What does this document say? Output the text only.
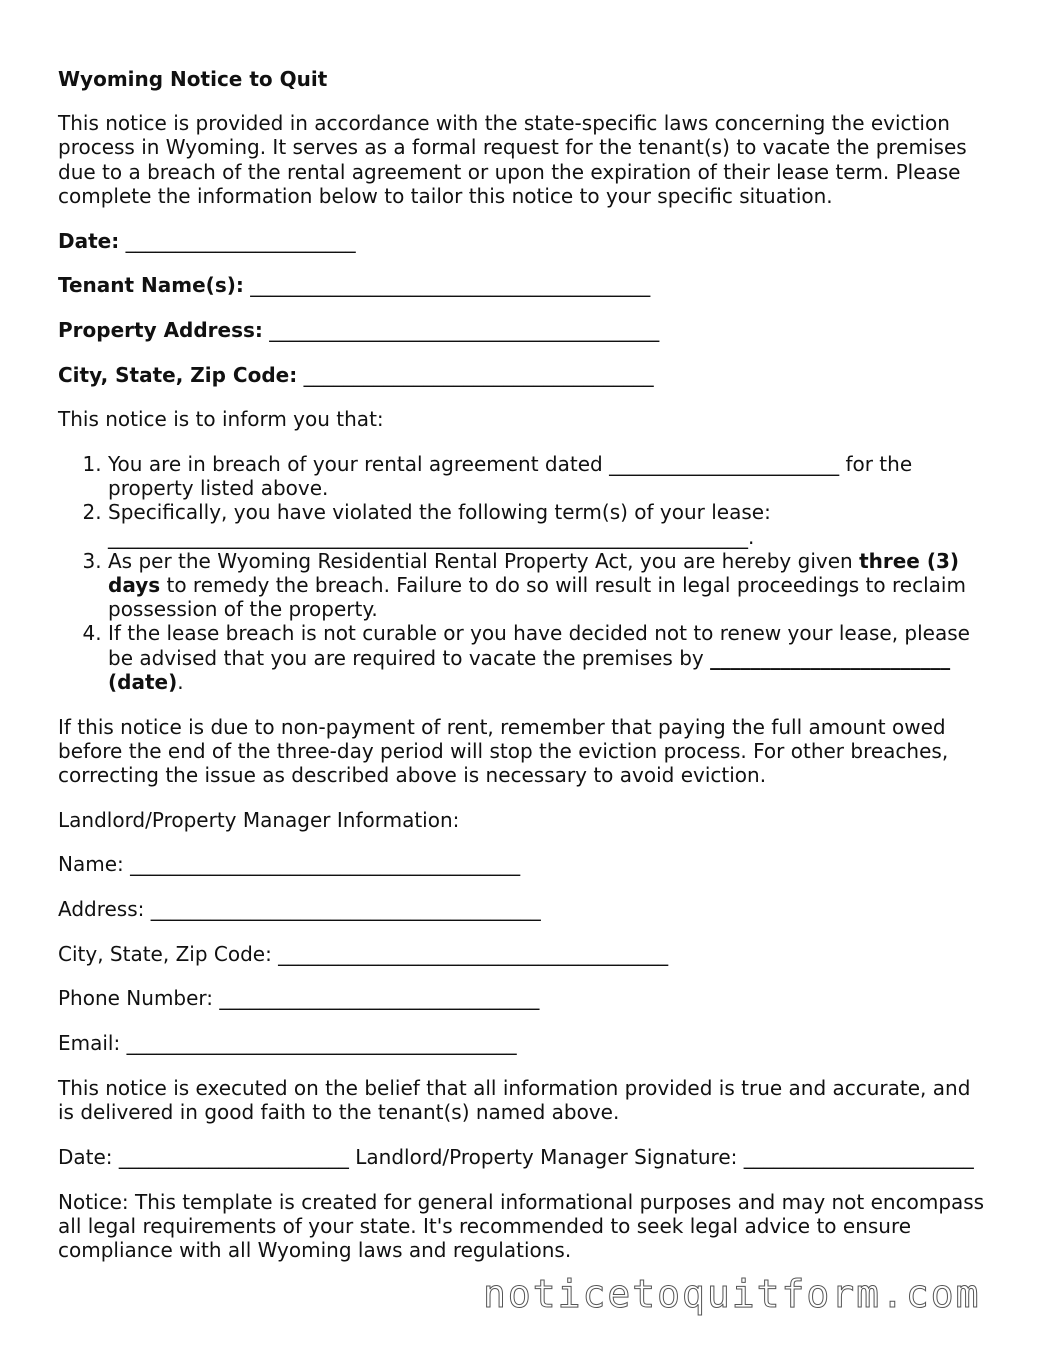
Wyoming Notice to Quit

This notice is provided in accordance with the state-specific laws concerning the eviction process in Wyoming. It serves as a formal request for the tenant(s) to vacate the premises due to a breach of the rental agreement or upon the expiration of their lease term. Please complete the information below to tailor this notice to your specific situation.

Date: _______________________
Tenant Name(s): ________________________________________
Property Address: _______________________________________
City, State, Zip Code: ___________________________________

This notice is to inform you that:

1. You are in breach of your rental agreement dated _______________________ for the property listed above.
2. Specifically, you have violated the following term(s) of your lease: ________________________________________________________________.
3. As per the Wyoming Residential Rental Property Act, you are hereby given three (3) days to remedy the breach. Failure to do so will result in legal proceedings to reclaim possession of the property.
4. If the lease breach is not curable or you have decided not to renew your lease, please be advised that you are required to vacate the premises by ________________________ (date).

If this notice is due to non-payment of rent, remember that paying the full amount owed before the end of the three-day period will stop the eviction process. For other breaches, correcting the issue as described above is necessary to avoid eviction.

Landlord/Property Manager Information:

Name: _______________________________________

Address: _______________________________________

City, State, Zip Code: _______________________________________

Phone Number: ________________________________

Email: _______________________________________

This notice is executed on the belief that all information provided is true and accurate, and is delivered in good faith to the tenant(s) named above.

Date: _______________________ Landlord/Property Manager Signature: _______________________

Notice: This template is created for general informational purposes and may not encompass all legal requirements of your state. It's recommended to seek legal advice to ensure compliance with all Wyoming laws and regulations.

noticetoquitform.com
